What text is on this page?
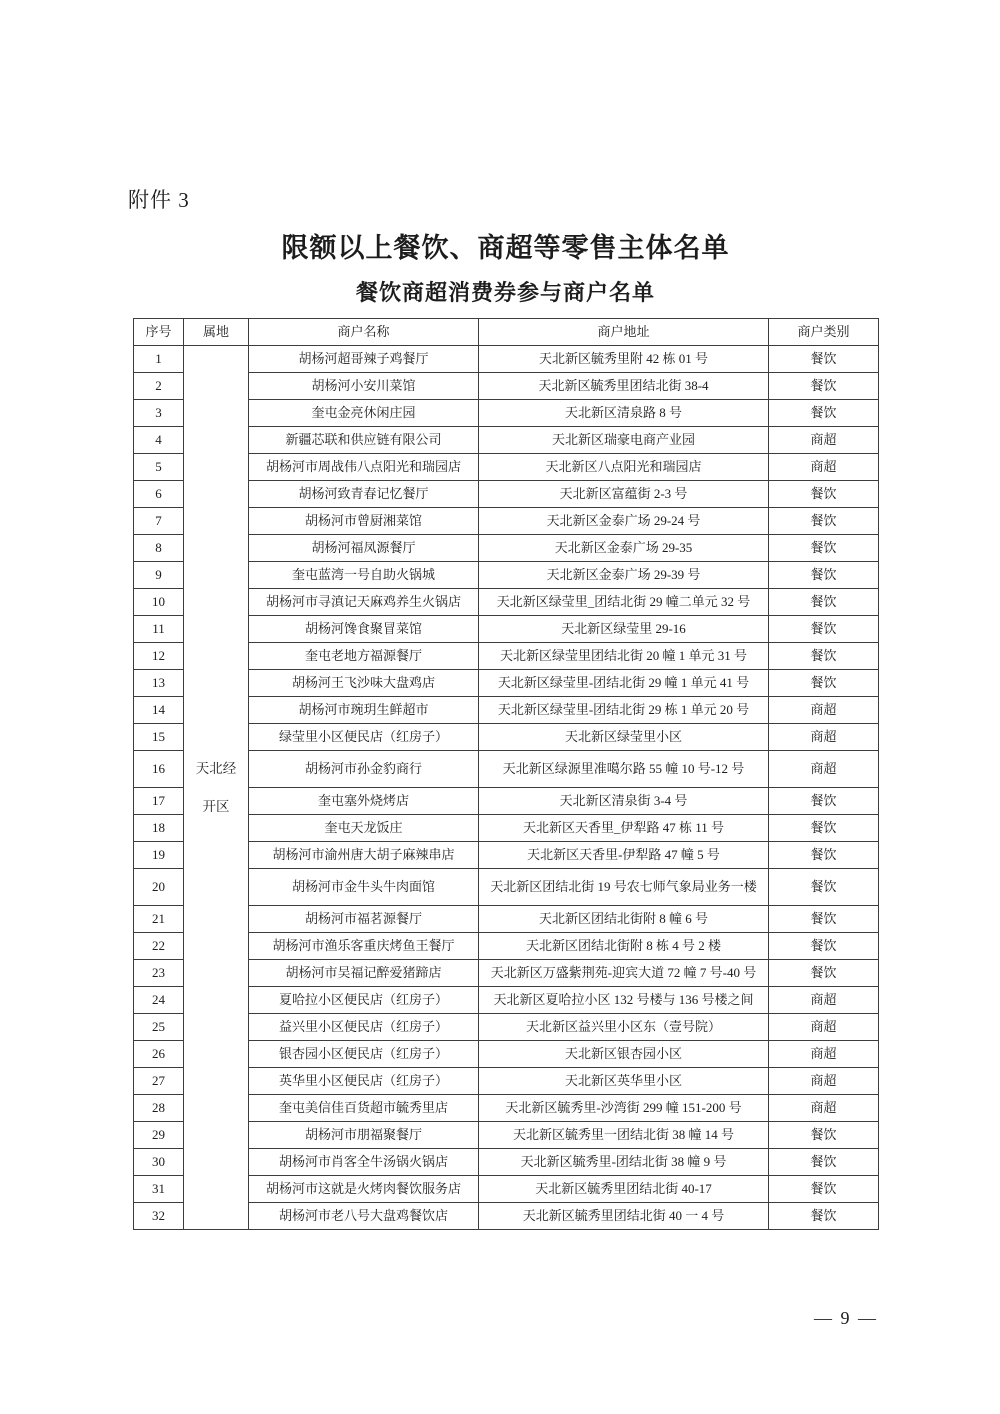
附件 3
限额以上餐饮、商超等零售主体名单
餐饮商超消费券参与商户名单
序号	属地	商户名称	商户地址	商户类别
1	天北经开区	胡杨河超哥辣子鸡餐厅	天北新区毓秀里附 42 栋 01 号	餐饮
2		胡杨河小安川菜馆	天北新区毓秀里团结北街 38-4	餐饮
3		奎屯金亮休闲庄园	天北新区清泉路 8 号	餐饮
4		新疆芯联和供应链有限公司	天北新区瑞豪电商产业园	商超
5		胡杨河市周战伟八点阳光和瑞园店	天北新区八点阳光和瑞园店	商超
6		胡杨河致青春记忆餐厅	天北新区富蕴街 2-3 号	餐饮
7		胡杨河市曾厨湘菜馆	天北新区金泰广场 29-24 号	餐饮
8		胡杨河福凤源餐厅	天北新区金泰广场 29-35	餐饮
9		奎屯蓝湾一号自助火锅城	天北新区金泰广场 29-39 号	餐饮
10		胡杨河市寻滇记天麻鸡养生火锅店	天北新区绿莹里_团结北街 29 幢二单元 32 号	餐饮
11		胡杨河馋食聚冒菜馆	天北新区绿莹里 29-16	餐饮
12		奎屯老地方福源餐厅	天北新区绿莹里团结北街 20 幢 1 单元 31 号	餐饮
13		胡杨河王飞沙味大盘鸡店	天北新区绿莹里-团结北街 29 幢 1 单元 41 号	餐饮
14		胡杨河市琬玥生鲜超市	天北新区绿莹里-团结北街 29 栋 1 单元 20 号	商超
15		绿莹里小区便民店（红房子）	天北新区绿莹里小区	商超
16		胡杨河市孙金豹商行	天北新区绿源里准噶尔路 55 幢 10 号-12 号	商超
17		奎屯塞外烧烤店	天北新区清泉街 3-4 号	餐饮
18		奎屯天龙饭庄	天北新区天香里_伊犁路 47 栋 11 号	餐饮
19		胡杨河市渝州唐大胡子麻辣串店	天北新区天香里-伊犁路 47 幢 5 号	餐饮
20		胡杨河市金牛头牛肉面馆	天北新区团结北街 19 号农七师气象局业务一楼	餐饮
21		胡杨河市福茗源餐厅	天北新区团结北街附 8 幢 6 号	餐饮
22		胡杨河市渔乐客重庆烤鱼王餐厅	天北新区团结北街附 8 栋 4 号 2 楼	餐饮
23		胡杨河市吴福记醉爱猪蹄店	天北新区万盛紫荆苑-迎宾大道 72 幢 7 号-40 号	餐饮
24		夏哈拉小区便民店（红房子）	天北新区夏哈拉小区 132 号楼与 136 号楼之间	商超
25		益兴里小区便民店（红房子）	天北新区益兴里小区东（壹号院）	商超
26		银杏园小区便民店（红房子）	天北新区银杏园小区	商超
27		英华里小区便民店（红房子）	天北新区英华里小区	商超
28		奎屯美信佳百货超市毓秀里店	天北新区毓秀里-沙湾街 299 幢 151-200 号	商超
29		胡杨河市朋福聚餐厅	天北新区毓秀里一团结北街 38 幢 14 号	餐饮
30		胡杨河市肖客全牛汤锅火锅店	天北新区毓秀里-团结北街 38 幢 9 号	餐饮
31		胡杨河市这就是火烤肉餐饮服务店	天北新区毓秀里团结北街 40-17	餐饮
32		胡杨河市老八号大盘鸡餐饮店	天北新区毓秀里团结北街 40 一 4 号	餐饮
— 9 —
